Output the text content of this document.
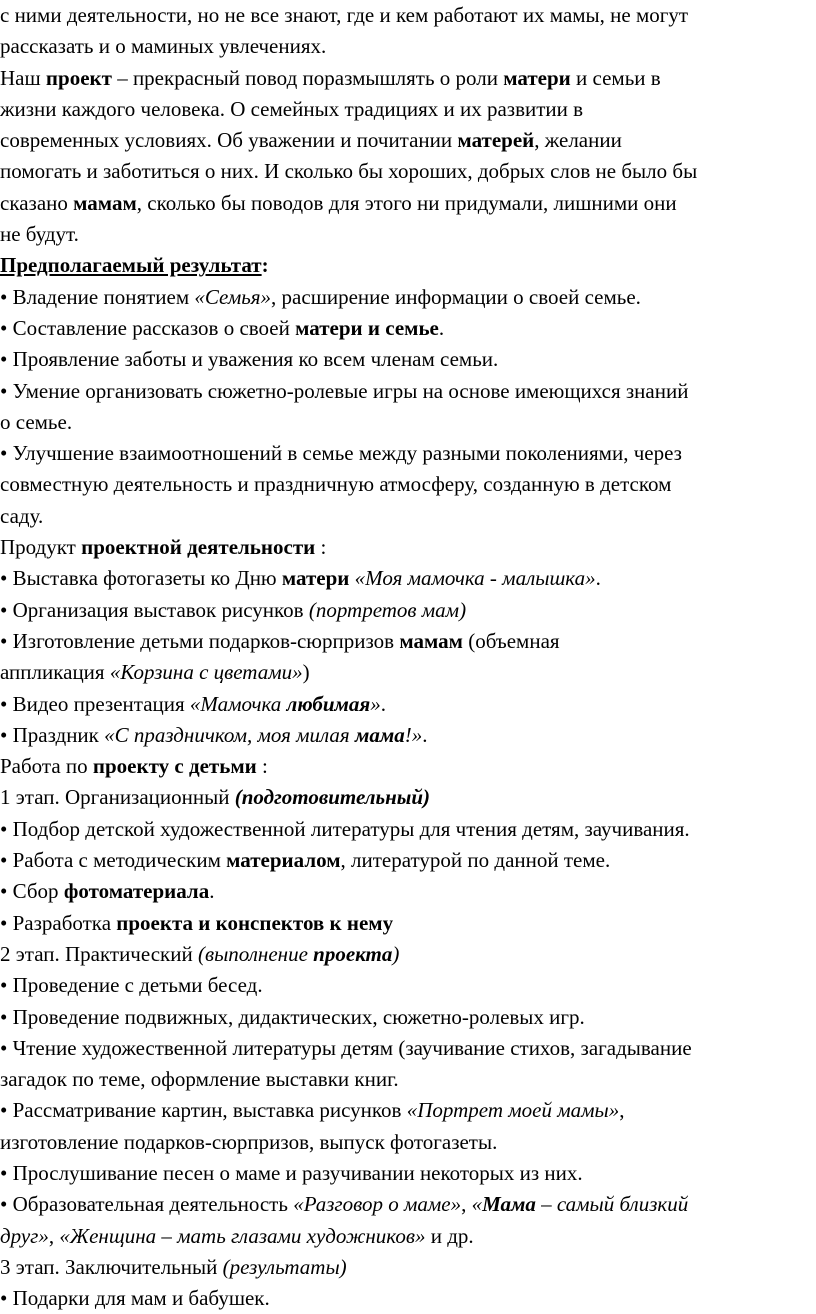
с ними деятельности, но не все знают, где и кем работают их мамы, не могут
рассказать и о маминых увлечениях.
Наш проект – прекрасный повод поразмышлять о роли матери и семьи в
жизни каждого человека. О семейных традициях и их развитии в
современных условиях. Об уважении и почитании матерей, желании
помогать и заботиться о них. И сколько бы хороших, добрых слов не было бы
сказано мамам, сколько бы поводов для этого ни придумали, лишними они
не будут.
Предполагаемый результат:
• Владение понятием «Семья», расширение информации о своей семье.
• Составление рассказов о своей матери и семье.
• Проявление заботы и уважения ко всем членам семьи.
• Умение организовать сюжетно-ролевые игры на основе имеющихся знаний
о семье.
• Улучшение взаимоотношений в семье между разными поколениями, через
совместную деятельность и праздничную атмосферу, созданную в детском
саду.
Продукт проектной деятельности :
• Выставка фотогазеты ко Дню матери «Моя мамочка - малышка».
• Организация выставок рисунков (портретов мам)
• Изготовление детьми подарков-сюрпризов мамам (объемная
аппликация «Корзина с цветами»)
• Видео презентация «Мамочка любимая».
• Праздник «С праздничком, моя милая мама!».
Работа по проекту с детьми :
1 этап. Организационный (подготовительный)
• Подбор детской художественной литературы для чтения детям, заучивания.
• Работа с методическим материалом, литературой по данной теме.
• Сбор фотоматериала.
• Разработка проекта и конспектов к нему
2 этап. Практический (выполнение проекта)
• Проведение с детьми бесед.
• Проведение подвижных, дидактических, сюжетно-ролевых игр.
• Чтение художественной литературы детям (заучивание стихов, загадывание
загадок по теме, оформление выставки книг.
• Рассматривание картин, выставка рисунков «Портрет моей мамы»,
изготовление подарков-сюрпризов, выпуск фотогазеты.
• Прослушивание песен о маме и разучивании некоторых из них.
• Образовательная деятельность «Разговор о маме», «Мама – самый близкий
друг», «Женщина – мать глазами художников» и др.
3 этап. Заключительный (результаты)
• Подарки для мам и бабушек.
